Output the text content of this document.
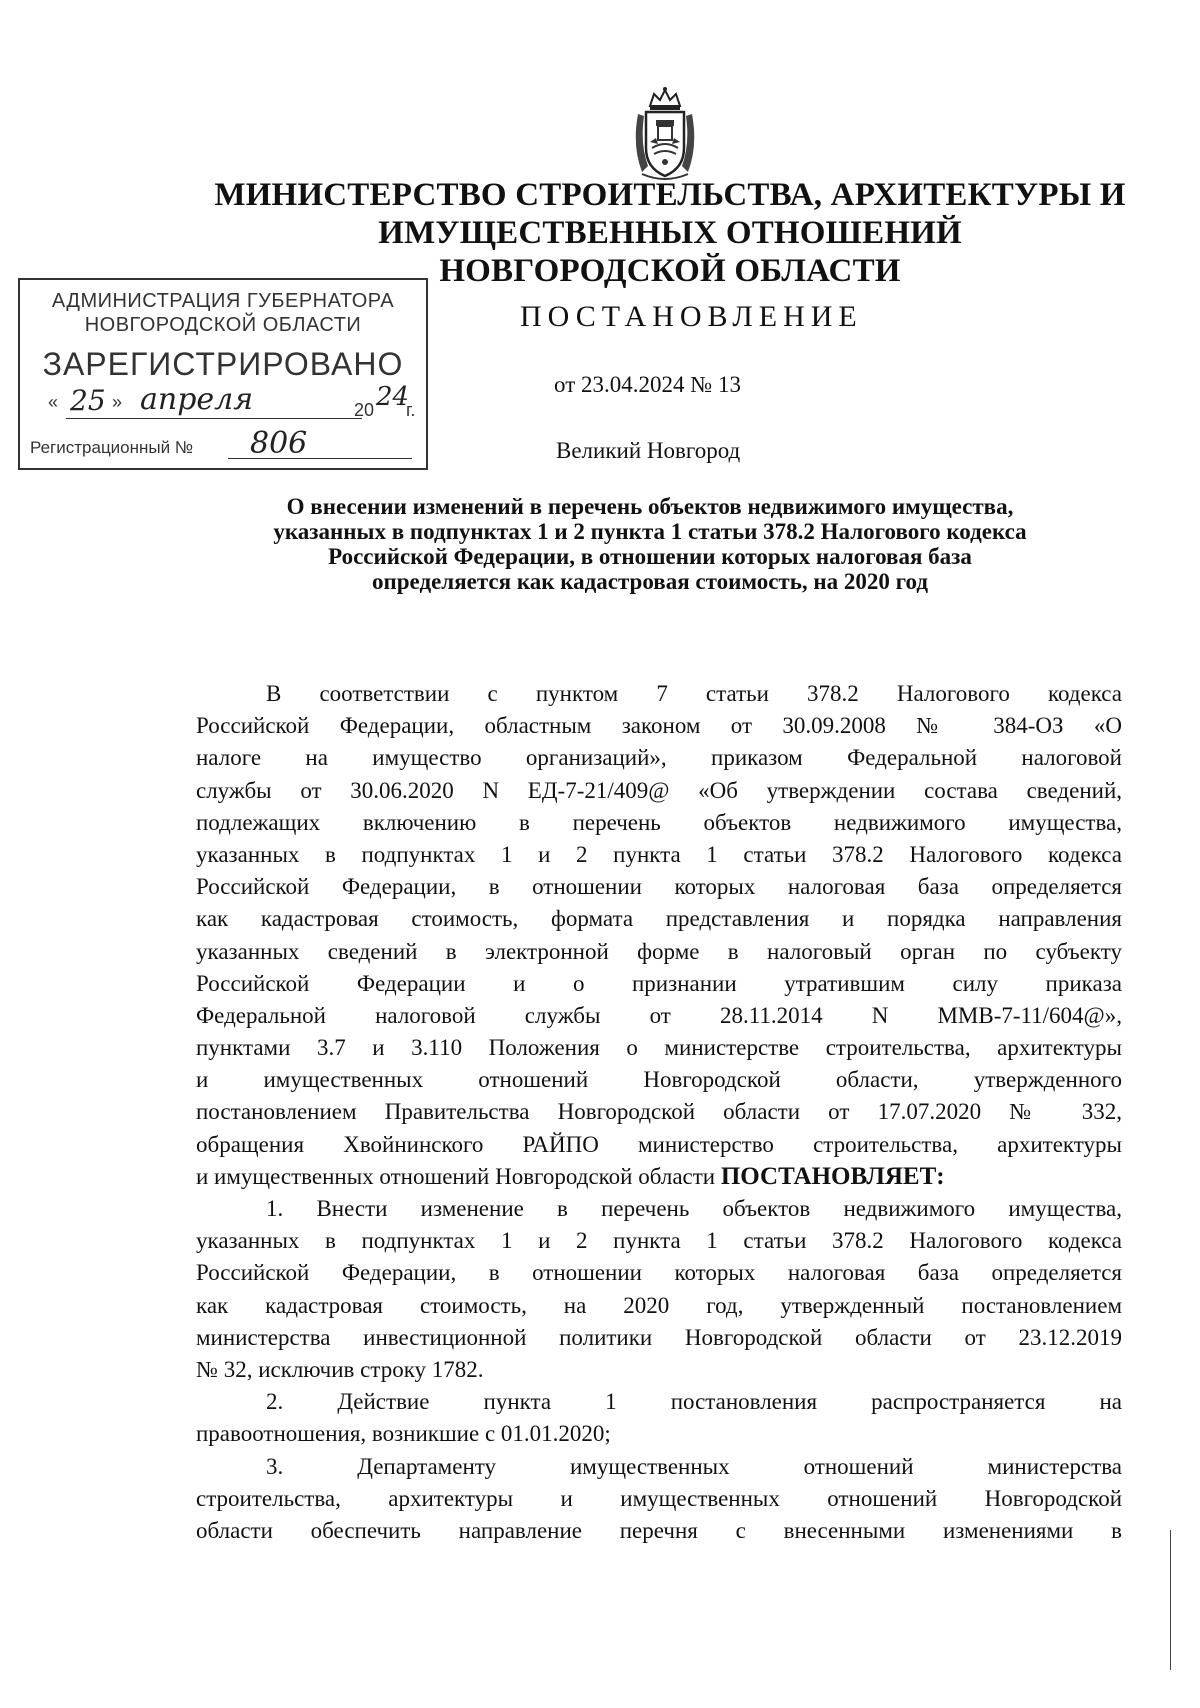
МИНИСТЕРСТВО СТРОИТЕЛЬСТВА, АРХИТЕКТУРЫ И
ИМУЩЕСТВЕННЫХ ОТНОШЕНИЙ
НОВГОРОДСКОЙ ОБЛАСТИ
АДМИНИСТРАЦИЯ ГУБЕРНАТОРА
НОВГОРОДСКОЙ ОБЛАСТИ
ЗАРЕГИСТРИРОВАНО
« 25 » апреля	20 24
г.
Регистрационный № 806
ПОСТАНОВЛЕНИЕ
от 23.04.2024 № 13
Великий Новгород
О внесении изменений в перечень объектов недвижимого имущества,
указанных в подпунктах 1 и 2 пункта 1 статьи 378.2 Налогового кодекса
Российской Федерации, в отношении которых налоговая база
определяется как кадастровая стоимость, на 2020 год
В соответствии с пунктом 7 статьи 378.2 Налогового кодекса
Российской Федерации, областным законом от 30.09.2008 № 384-ОЗ «О
налоге на имущество организаций», приказом Федеральной налоговой
службы от 30.06.2020 N ЕД-7-21/409@ «Об утверждении состава сведений,
подлежащих включению в перечень объектов недвижимого имущества,
указанных в подпунктах 1 и 2 пункта 1 статьи 378.2 Налогового кодекса
Российской Федерации, в отношении которых налоговая база определяется
как кадастровая стоимость, формата представления и порядка направления
указанных сведений в электронной форме в налоговый орган по субъекту
Российской Федерации и о признании утратившим силу приказа
Федеральной налоговой службы от 28.11.2014 N ММВ-7-11/604@»,
пунктами 3.7 и 3.110 Положения о министерстве строительства, архитектуры
и имущественных отношений Новгородской области, утвержденного
постановлением Правительства Новгородской области от 17.07.2020 № 332,
обращения Хвойнинского РАЙПО министерство строительства, архитектуры
и имущественных отношений Новгородской области ПОСТАНОВЛЯЕТ:
1. Внести изменение в перечень объектов недвижимого имущества,
указанных в подпунктах 1 и 2 пункта 1 статьи 378.2 Налогового кодекса
Российской Федерации, в отношении которых налоговая база определяется
как кадастровая стоимость, на 2020 год, утвержденный постановлением
министерства инвестиционной политики Новгородской области от 23.12.2019
№ 32, исключив строку 1782.
2. Действие пункта 1 постановления распространяется на
правоотношения, возникшие с 01.01.2020;
3. Департаменту имущественных отношений министерства
строительства, архитектуры и имущественных отношений Новгородской
области обеспечить направление перечня с внесенными изменениями в
